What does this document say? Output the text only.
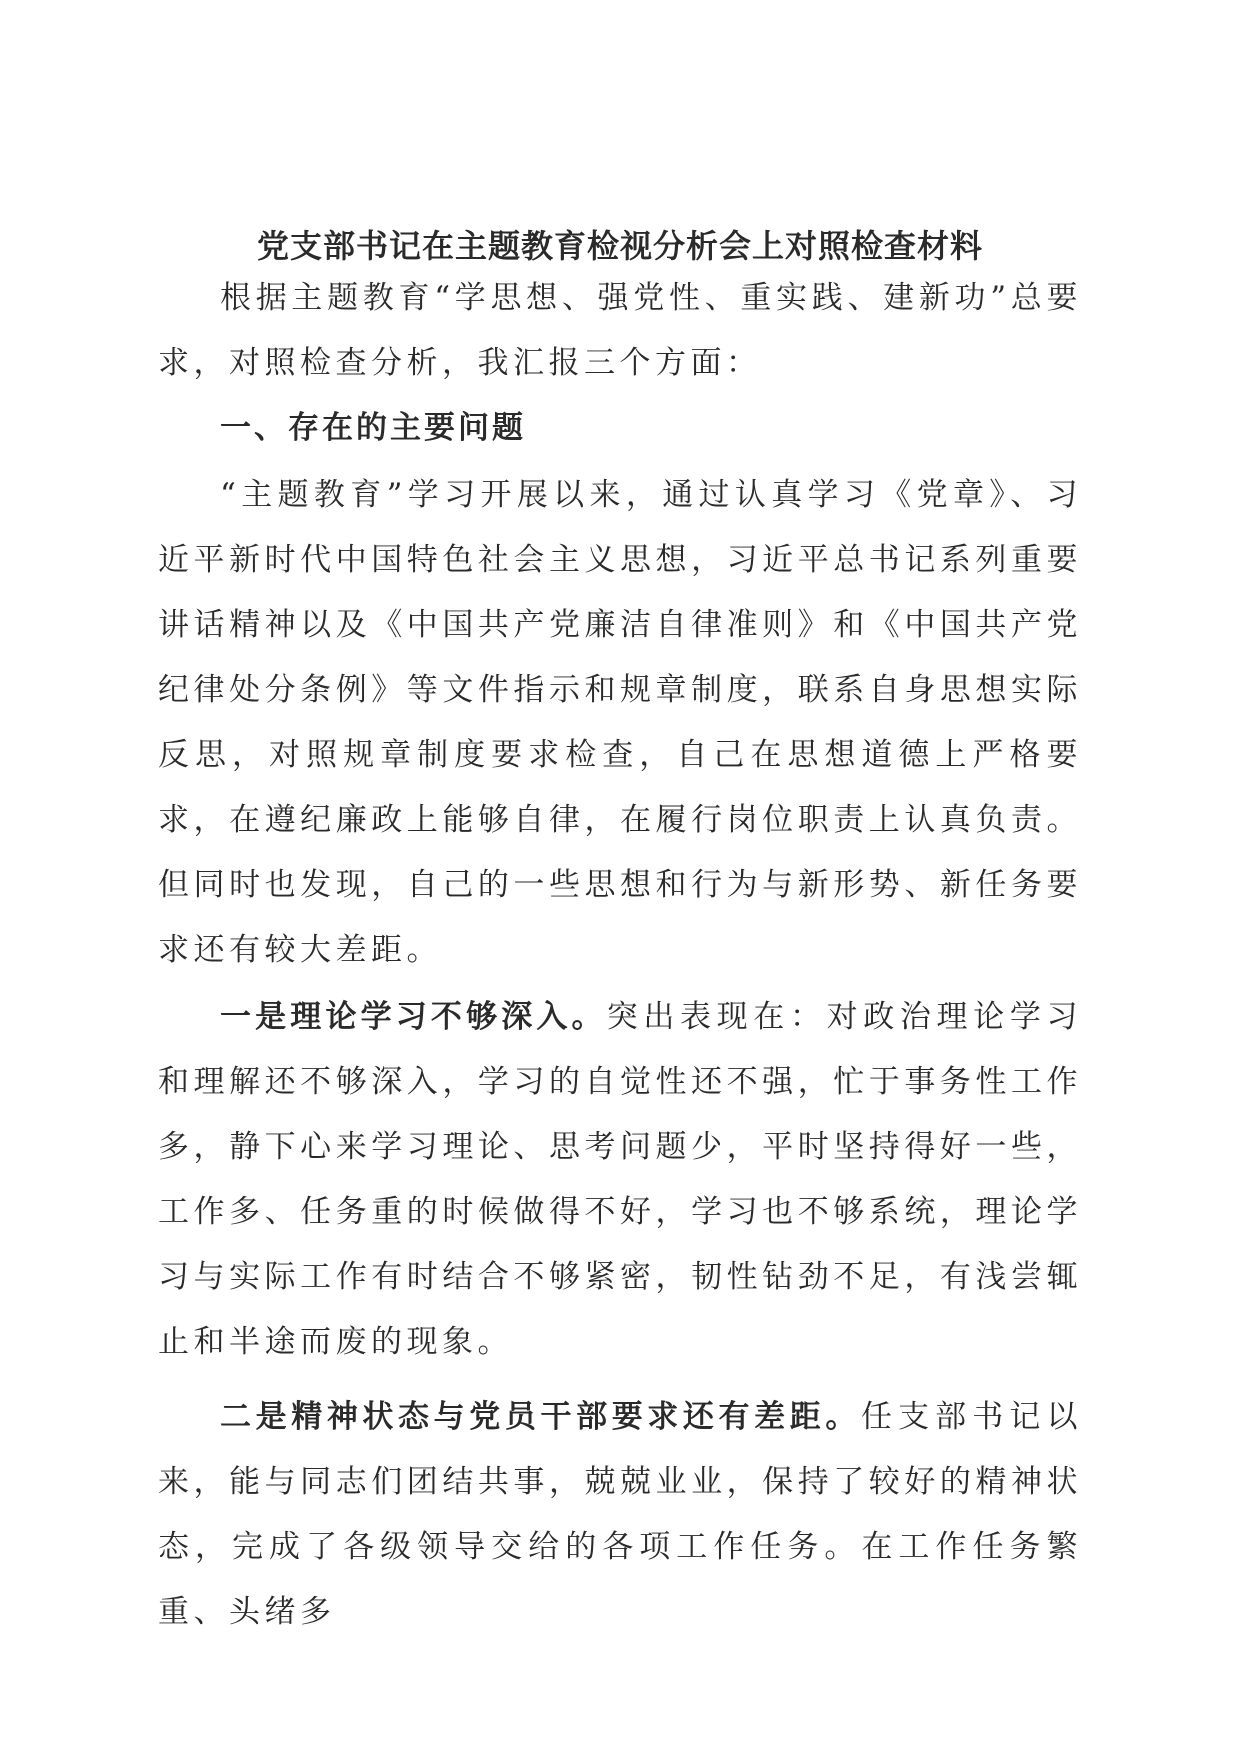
党支部书记在主题教育检视分析会上对照检查材料

根据主题教育“学思想、强党性、重实践、建新功”总要求，对照检查分析，我汇报三个方面：

一、存在的主要问题

“主题教育”学习开展以来，通过认真学习《党章》、习近平新时代中国特色社会主义思想，习近平总书记系列重要讲话精神以及《中国共产党廉洁自律准则》和《中国共产党纪律处分条例》等文件指示和规章制度，联系自身思想实际反思，对照规章制度要求检查，自己在思想道德上严格要求，在遵纪廉政上能够自律，在履行岗位职责上认真负责。但同时也发现，自己的一些思想和行为与新形势、新任务要求还有较大差距。

一是理论学习不够深入。突出表现在：对政治理论学习和理解还不够深入，学习的自觉性还不强，忙于事务性工作多，静下心来学习理论、思考问题少，平时坚持得好一些，工作多、任务重的时候做得不好，学习也不够系统，理论学习与实际工作有时结合不够紧密，韧性钻劲不足，有浅尝辄止和半途而废的现象。

二是精神状态与党员干部要求还有差距。任支部书记以来，能与同志们团结共事，兢兢业业，保持了较好的精神状态，完成了各级领导交给的各项工作任务。在工作任务繁重、头绪多
